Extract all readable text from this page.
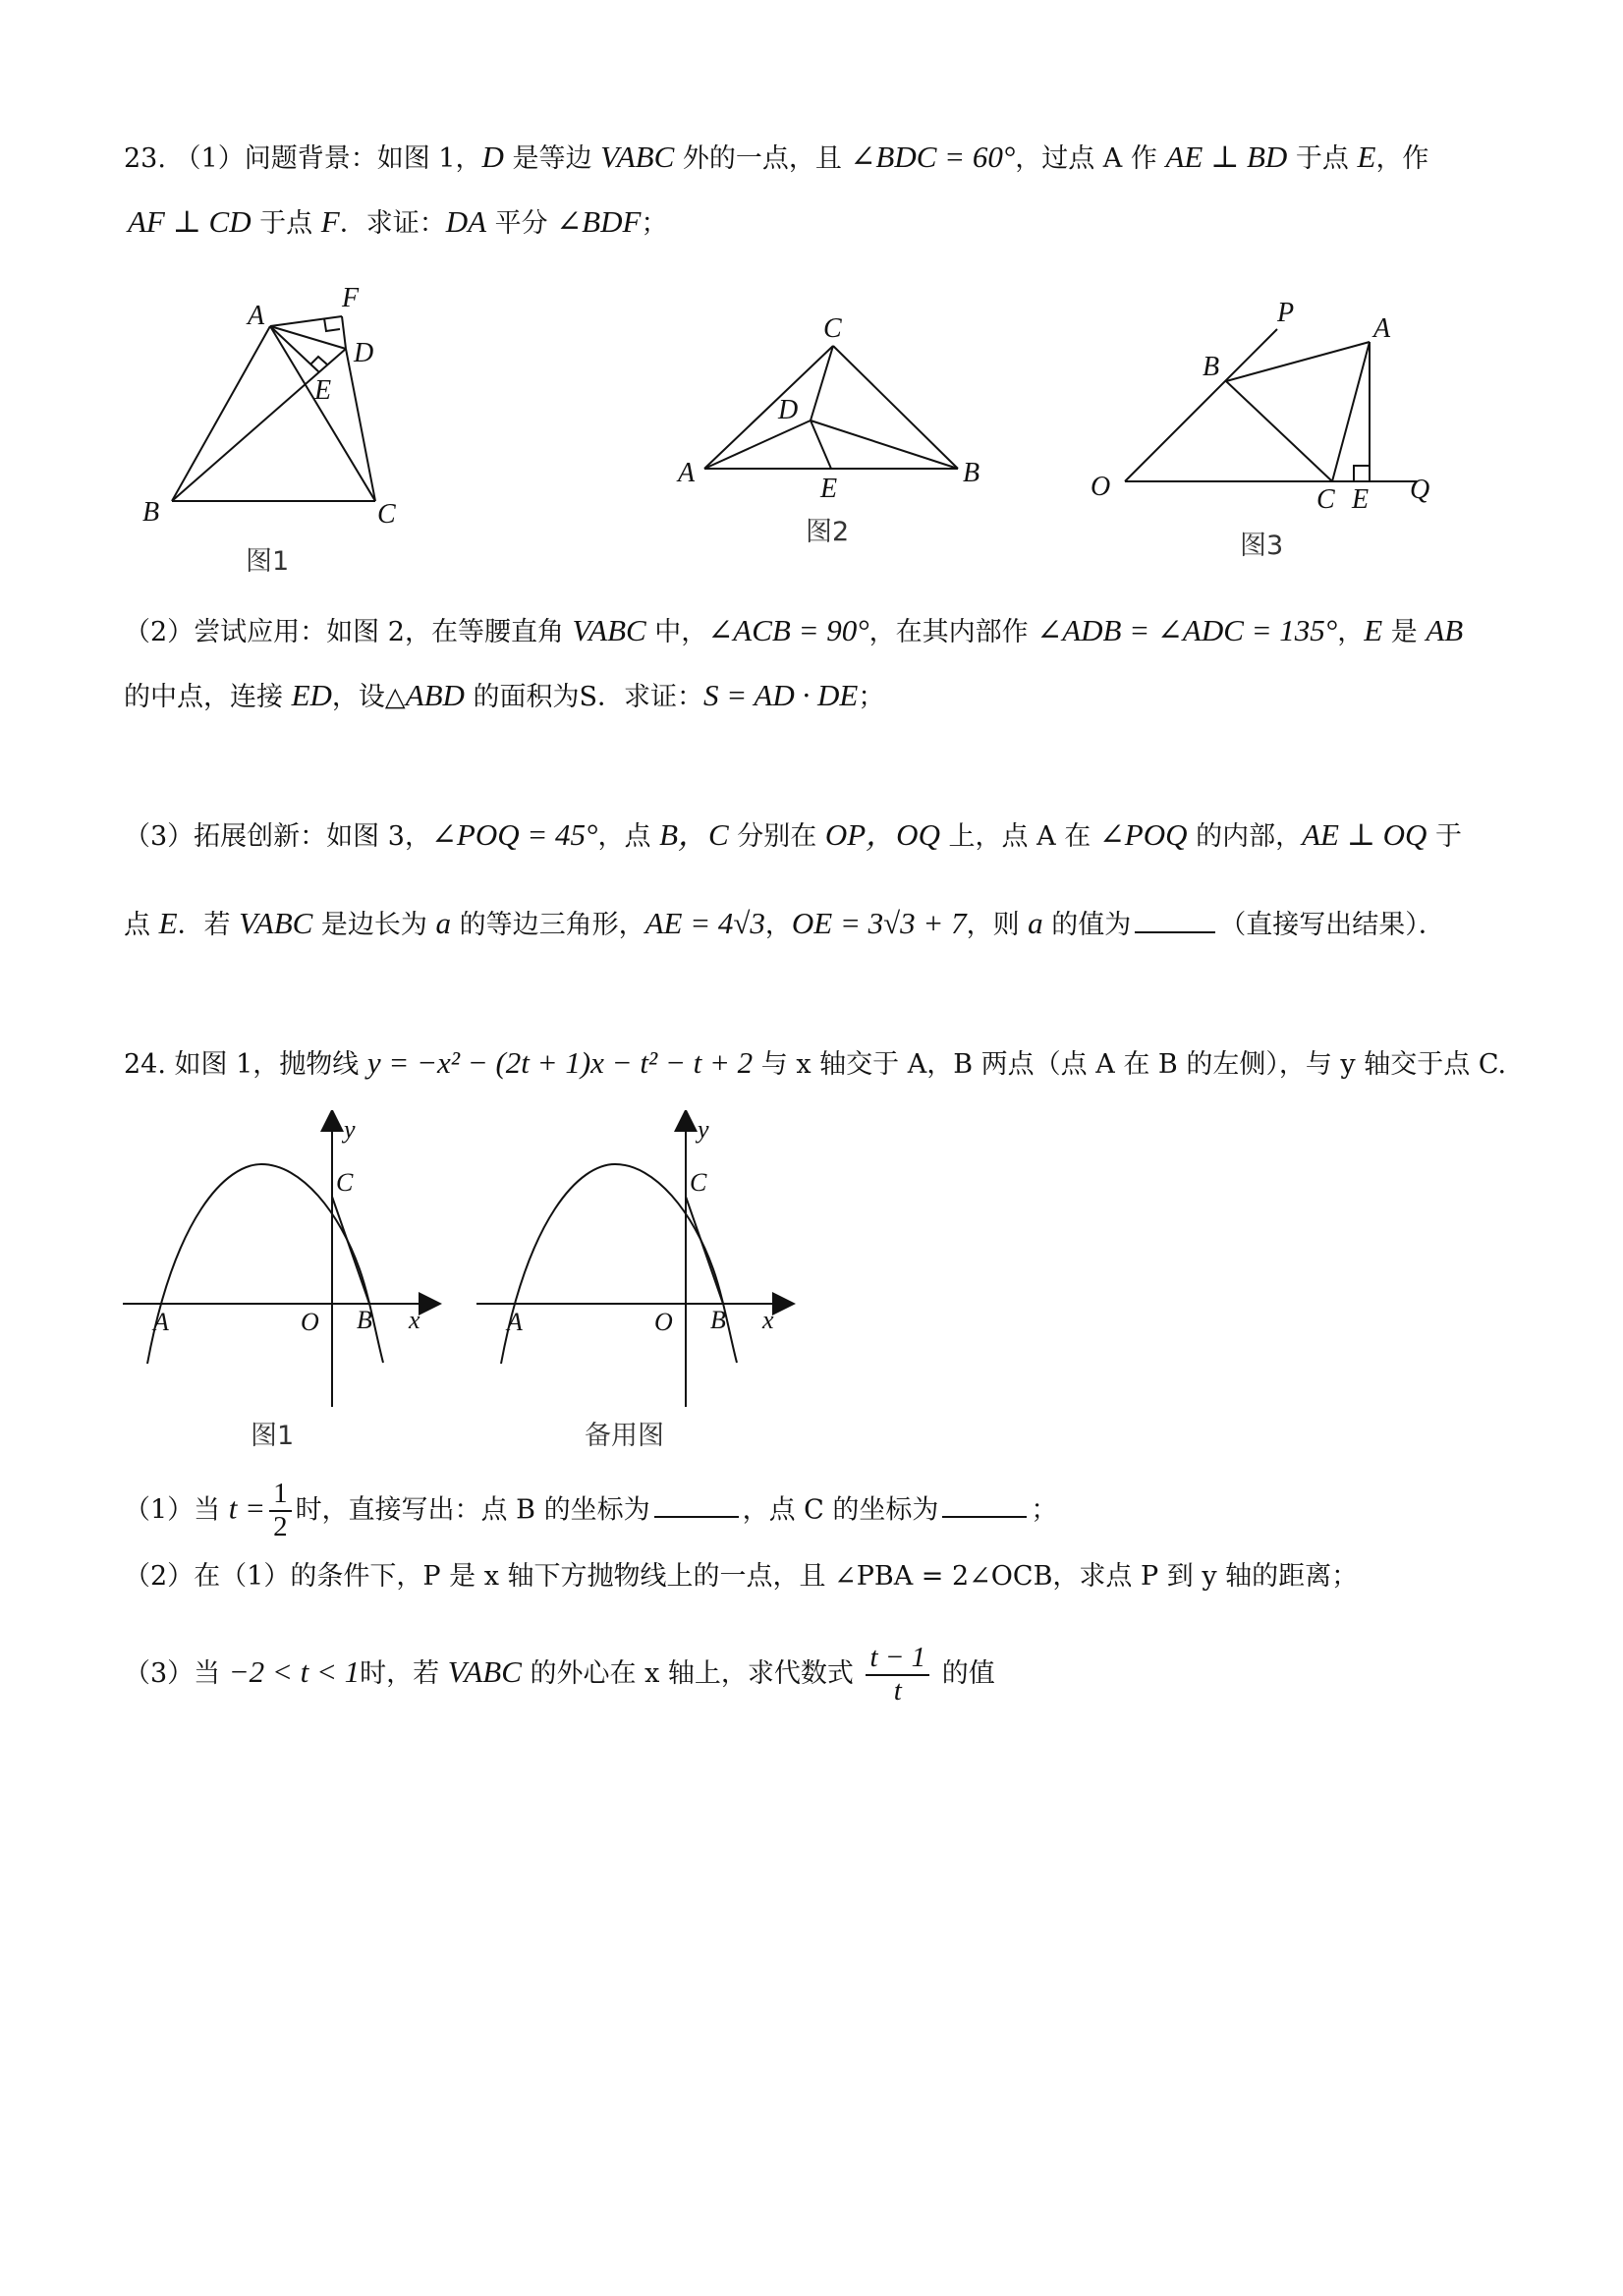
23. （1）问题背景：如图 1，D 是等边 VABC 外的一点，且 ∠BDC = 60°，过点 A 作 AE ⊥ BD 于点 E，作
AF ⊥ CD 于点 F．求证：DA 平分 ∠BDF；
A
F
D
E
B	C
图1
C
D
A	B
E
图2
P
A
B
O	C E Q
图3
（2）尝试应用：如图 2，在等腰直角 VABC 中，∠ACB = 90°，在其内部作 ∠ADB = ∠ADC = 135°，E 是 AB
的中点，连接 ED，设△ABD 的面积为S．求证：S = AD · DE；
（3）拓展创新：如图 3，∠POQ = 45°，点 B，C 分别在 OP，OQ 上，点 A 在 ∠POQ 的内部，AE ⊥ OQ 于
点 E．若 VABC 是边长为 a 的等边三角形，AE = 4√3，OE = 3√3 + 7，则 a 的值为	（直接写出结果）．
24. 如图 1，抛物线 y = −x² − (2t + 1)x − t² − t + 2 与 x 轴交于 A，B 两点（点 A 在 B 的左侧），与 y 轴交于点 C.
y
C
A	O B x
图1
y
C
A	O B x
备用图
（1）当 $t = \frac{1}{2}$ 时，直接写出：点 B 的坐标为	，点 C 的坐标为	；
（2）在（1）的条件下，P 是 x 轴下方抛物线上的一点，且 ∠PBA = 2∠OCB，求点 P 到 y 轴的距离；
（3）当 −2 < t < 1时，若 VABC 的外心在 x 轴上，求代数式 $\frac{t - 1}{t}$ 的值
